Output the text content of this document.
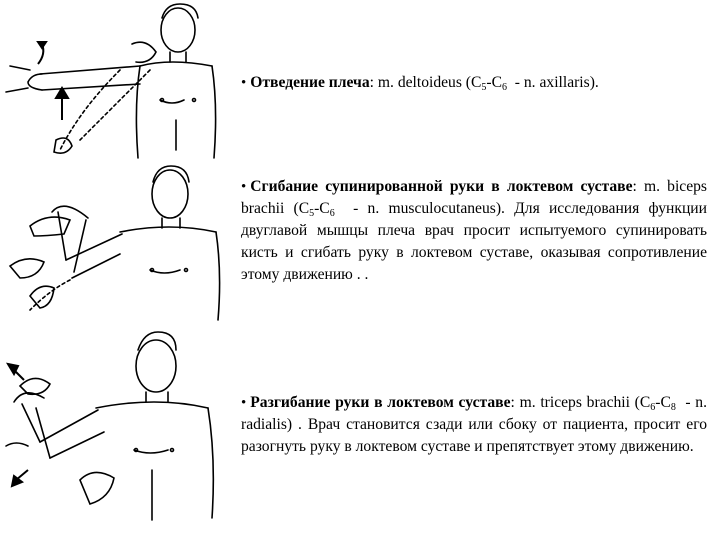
• Отведение плеча: m. deltoideus ($C_5-C_6$  - n. axillaris).
• Сгибание супинированной руки в локтевом суставе: m. biceps brachii ($C_5-C_6$  - n. musculocutaneus). Для исследования функции двуглавой мышцы плеча врач просит испытуемого супинировать кисть и сгибать руку в локтевом суставе, оказывая сопротивление этому движению . .
• Разгибание руки в локтевом суставе: m. triceps brachii ($C_6-C_8$  - n. radialis) . Врач становится сзади или сбоку от пациента, просит его разогнуть руку в локтевом суставе и препятствует этому движению.
